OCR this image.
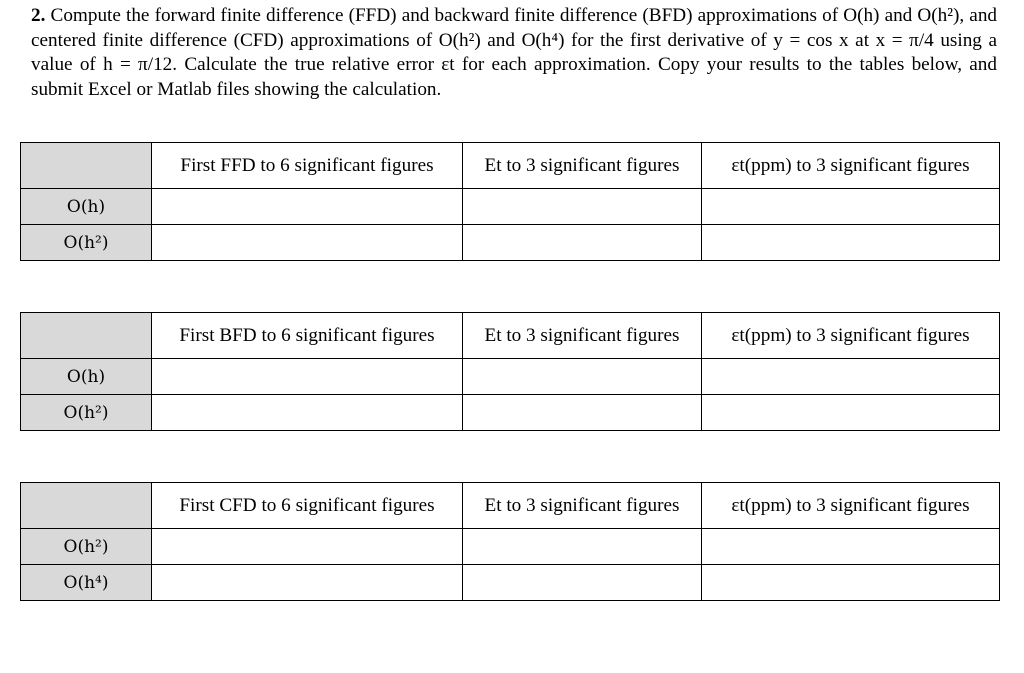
2. Compute the forward finite difference (FFD) and backward finite difference (BFD) approximations of O(h) and O(h²), and centered finite difference (CFD) approximations of O(h²) and O(h⁴) for the first derivative of y = cos x at x = π/4 using a value of h = π/12. Calculate the true relative error εt for each approximation. Copy your results to the tables below, and submit Excel or Matlab files showing the calculation.
	First FFD to 6 significant figures	Et to 3 significant figures	εt(ppm) to 3 significant figures
O(h)			
O(h²)			
	First BFD to 6 significant figures	Et to 3 significant figures	εt(ppm) to 3 significant figures
O(h)			
O(h²)			
	First CFD to 6 significant figures	Et to 3 significant figures	εt(ppm) to 3 significant figures
O(h²)			
O(h⁴)			
